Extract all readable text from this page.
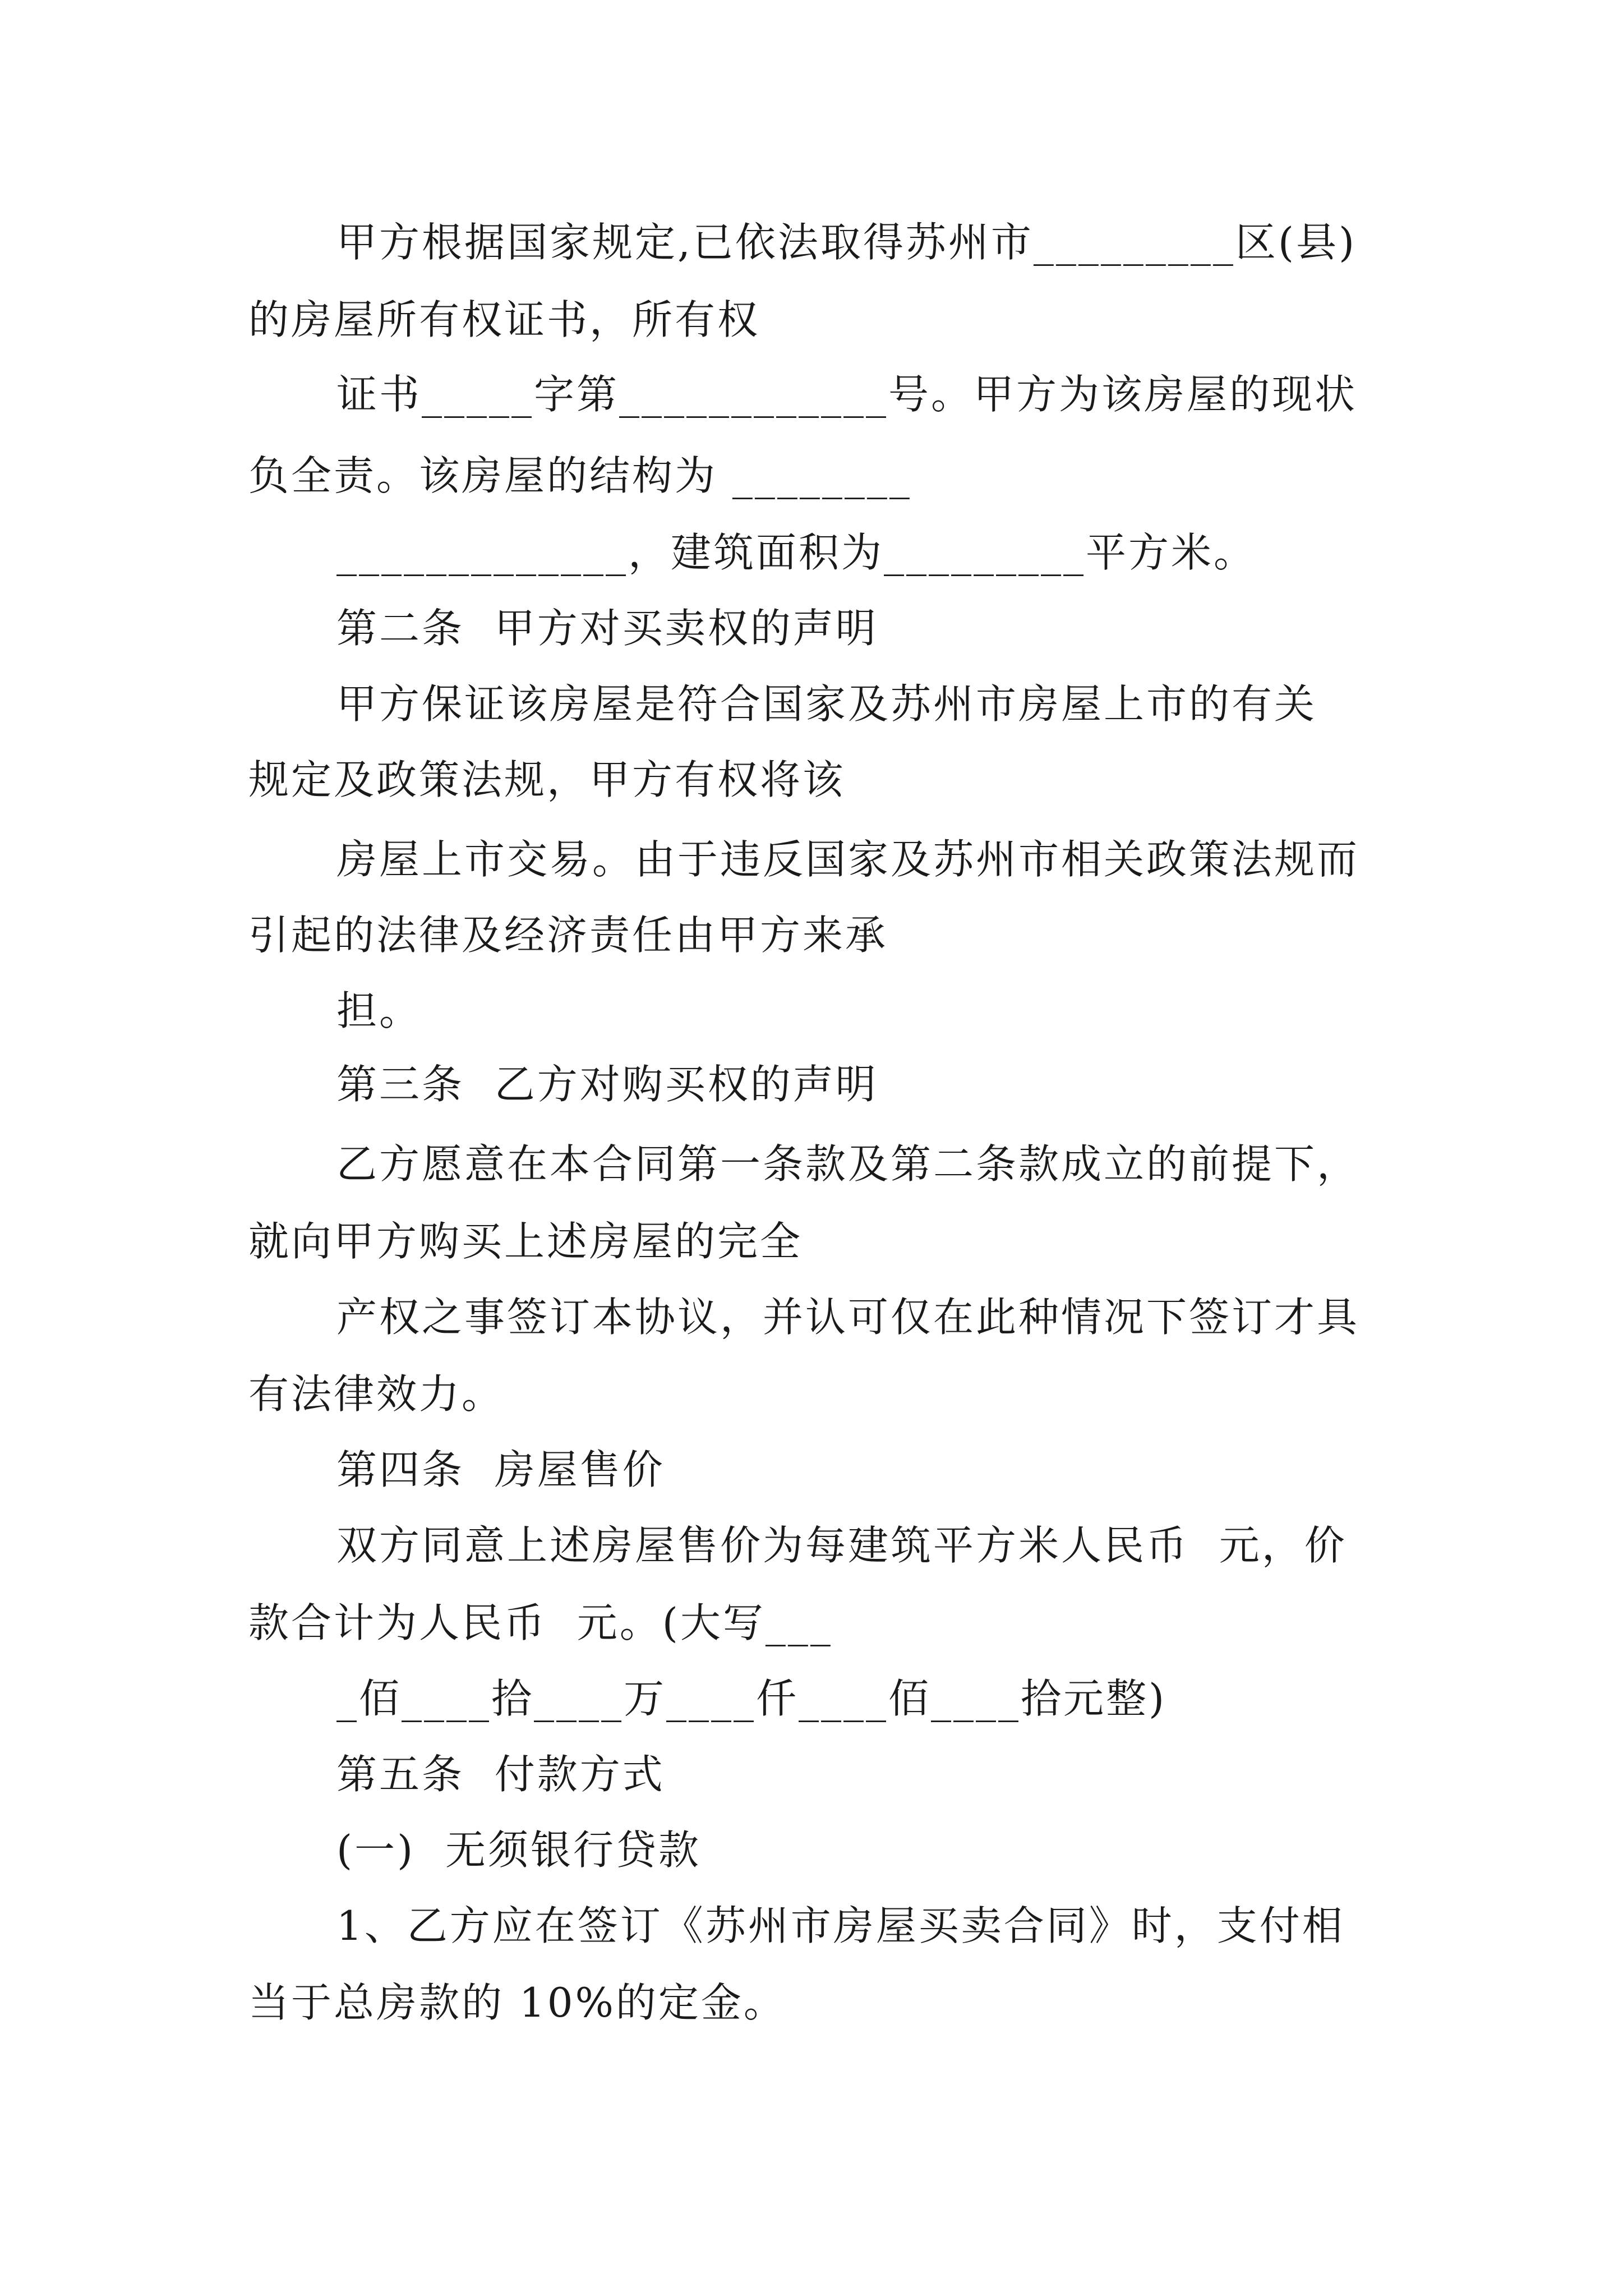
甲方根据国家规定,已依法取得苏州市_________区(县)

的房屋所有权证书，所有权

证书_____字第____________号。甲方为该房屋的现状

负全责。该房屋的结构为 ________

_____________，建筑面积为_________平方米。

第二条  甲方对买卖权的声明

甲方保证该房屋是符合国家及苏州市房屋上市的有关

规定及政策法规，甲方有权将该

房屋上市交易。由于违反国家及苏州市相关政策法规而

引起的法律及经济责任由甲方来承

担。

第三条  乙方对购买权的声明

乙方愿意在本合同第一条款及第二条款成立的前提下，

就向甲方购买上述房屋的完全

产权之事签订本协议，并认可仅在此种情况下签订才具

有法律效力。

第四条  房屋售价

双方同意上述房屋售价为每建筑平方米人民币  元，价

款合计为人民币  元。(大写___

_佰____拾____万____仟____佰____拾元整)

第五条  付款方式

(一)  无须银行贷款

1、乙方应在签订《苏州市房屋买卖合同》时，支付相

当于总房款的 10%的定金。
